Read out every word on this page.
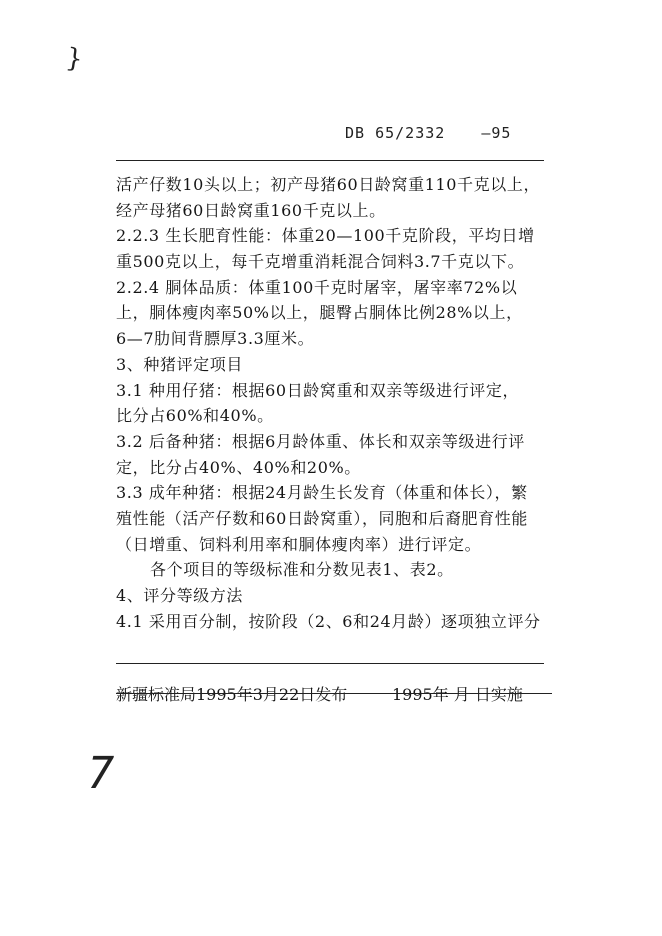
}
DB 65/2332 —95
活产仔数10头以上；初产母猪60日龄窝重110千克以上，
经产母猪60日龄窝重160千克以上。
2.2.3 生长肥育性能：体重20—100千克阶段，平均日增
重500克以上，每千克增重消耗混合饲料3.7千克以下。
2.2.4 胴体品质：体重100千克时屠宰，屠宰率72%以
上，胴体瘦肉率50%以上，腿臀占胴体比例28%以上，
6—7肋间背膘厚3.3厘米。
3、种猪评定项目
3.1 种用仔猪：根据60日龄窝重和双亲等级进行评定，
比分占60%和40%。
3.2 后备种猪：根据6月龄体重、体长和双亲等级进行评
定，比分占40%、40%和20%。
3.3 成年种猪：根据24月龄生长发育（体重和体长），繁
殖性能（活产仔数和60日龄窝重），同胞和后裔肥育性能
（日增重、饲料利用率和胴体瘦肉率）进行评定。
各个项目的等级标准和分数见表1、表2。
4、评分等级方法
4.1 采用百分制，按阶段（2、6和24月龄）逐项独立评分
新疆标准局1995年3月22日发布	1995年 月 日实施
7
